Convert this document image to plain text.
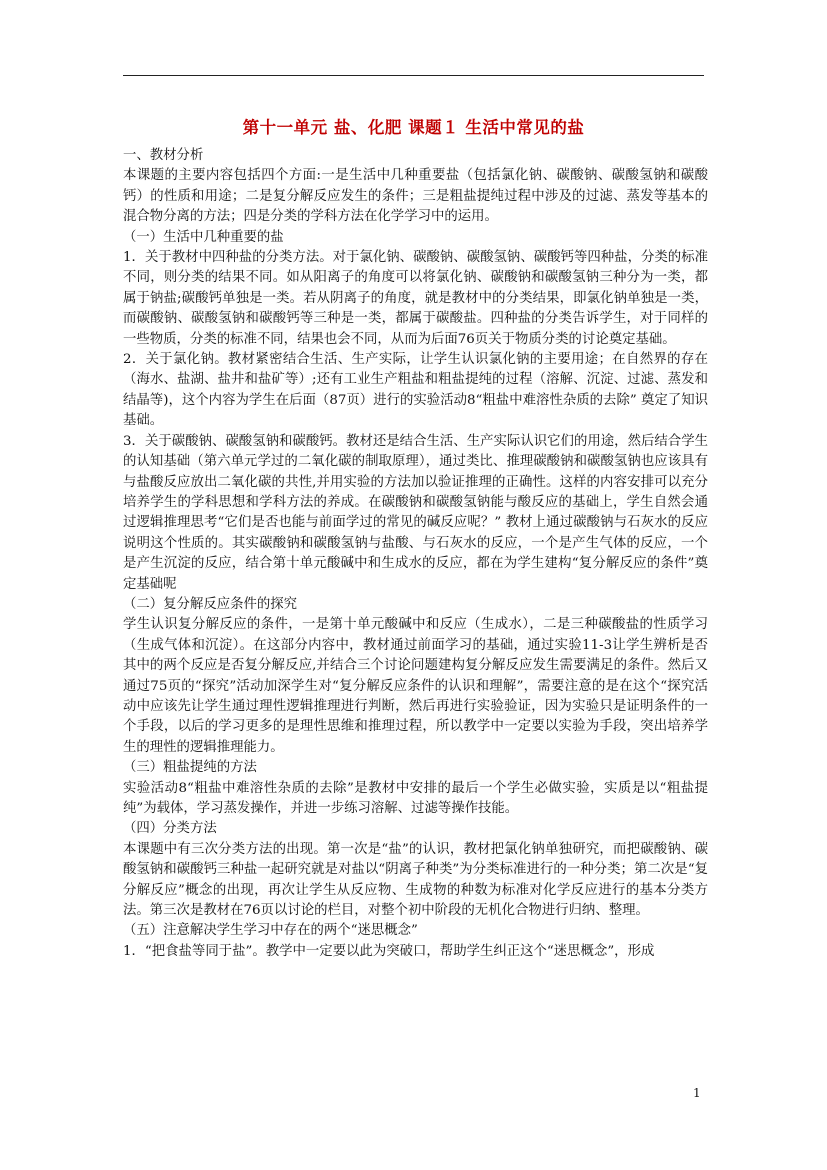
第十一单元 盐、化肥 课题１ 生活中常见的盐

一、教材分析

本课题的主要内容包括四个方面:一是生活中几种重要盐（包括氯化钠、碳酸钠、碳酸氢钠和碳酸钙）的性质和用途；二是复分解反应发生的条件；三是粗盐提纯过程中涉及的过滤、蒸发等基本的混合物分离的方法；四是分类的学科方法在化学学习中的运用。

（一）生活中几种重要的盐

1．关于教材中四种盐的分类方法。对于氯化钠、碳酸钠、碳酸氢钠、碳酸钙等四种盐，分类的标准不同，则分类的结果不同。如从阳离子的角度可以将氯化钠、碳酸钠和碳酸氢钠三种分为一类，都属于钠盐;碳酸钙单独是一类。若从阴离子的角度，就是教材中的分类结果，即氯化钠单独是一类，而碳酸钠、碳酸氢钠和碳酸钙等三种是一类，都属于碳酸盐。四种盐的分类告诉学生，对于同样的一些物质，分类的标准不同，结果也会不同，从而为后面76页关于物质分类的讨论奠定基础。

2．关于氯化钠。教材紧密结合生活、生产实际，让学生认识氯化钠的主要用途；在自然界的存在（海水、盐湖、盐井和盐矿等）;还有工业生产粗盐和粗盐提纯的过程（溶解、沉淀、过滤、蒸发和结晶等)，这个内容为学生在后面（87页）进行的实验活动8“粗盐中难溶性杂质的去除” 奠定了知识基础。

3．关于碳酸钠、碳酸氢钠和碳酸钙。教材还是结合生活、生产实际认识它们的用途，然后结合学生的认知基础（第六单元学过的二氧化碳的制取原理），通过类比、推理碳酸钠和碳酸氢钠也应该具有与盐酸反应放出二氧化碳的共性,并用实验的方法加以验证推理的正确性。这样的内容安排可以充分培养学生的学科思想和学科方法的养成。在碳酸钠和碳酸氢钠能与酸反应的基础上，学生自然会通过逻辑推理思考“它们是否也能与前面学过的常见的碱反应呢？” 教材上通过碳酸钠与石灰水的反应说明这个性质的。其实碳酸钠和碳酸氢钠与盐酸、与石灰水的反应，一个是产生气体的反应，一个是产生沉淀的反应，结合第十单元酸碱中和生成水的反应，都在为学生建构“复分解反应的条件”奠定基础呢

（二）复分解反应条件的探究

学生认识复分解反应的条件，一是第十单元酸碱中和反应（生成水），二是三种碳酸盐的性质学习（生成气体和沉淀）。在这部分内容中，教材通过前面学习的基础，通过实验11-3让学生辨析是否其中的两个反应是否复分解反应,并结合三个讨论问题建构复分解反应发生需要满足的条件。然后又通过75页的“探究”活动加深学生对“复分解反应条件的认识和理解”，需要注意的是在这个“探究活动中应该先让学生通过理性逻辑推理进行判断，然后再进行实验验证，因为实验只是证明条件的一个手段，以后的学习更多的是理性思维和推理过程，所以教学中一定要以实验为手段，突出培养学生的理性的逻辑推理能力。

（三）粗盐提纯的方法

实验活动8“粗盐中难溶性杂质的去除”是教材中安排的最后一个学生必做实验，实质是以“粗盐提纯”为载体，学习蒸发操作，并进一步练习溶解、过滤等操作技能。

（四）分类方法

本课题中有三次分类方法的出现。第一次是“盐”的认识，教材把氯化钠单独研究，而把碳酸钠、碳酸氢钠和碳酸钙三种盐一起研究就是对盐以“阴离子种类”为分类标准进行的一种分类；第二次是“复分解反应”概念的出现，再次让学生从反应物、生成物的种数为标准对化学反应进行的基本分类方法。第三次是教材在76页以讨论的栏目，对整个初中阶段的无机化合物进行归纳、整理。

（五）注意解决学生学习中存在的两个“迷思概念”

1．“把食盐等同于盐”。教学中一定要以此为突破口，帮助学生纠正这个“迷思概念”，形成

1
